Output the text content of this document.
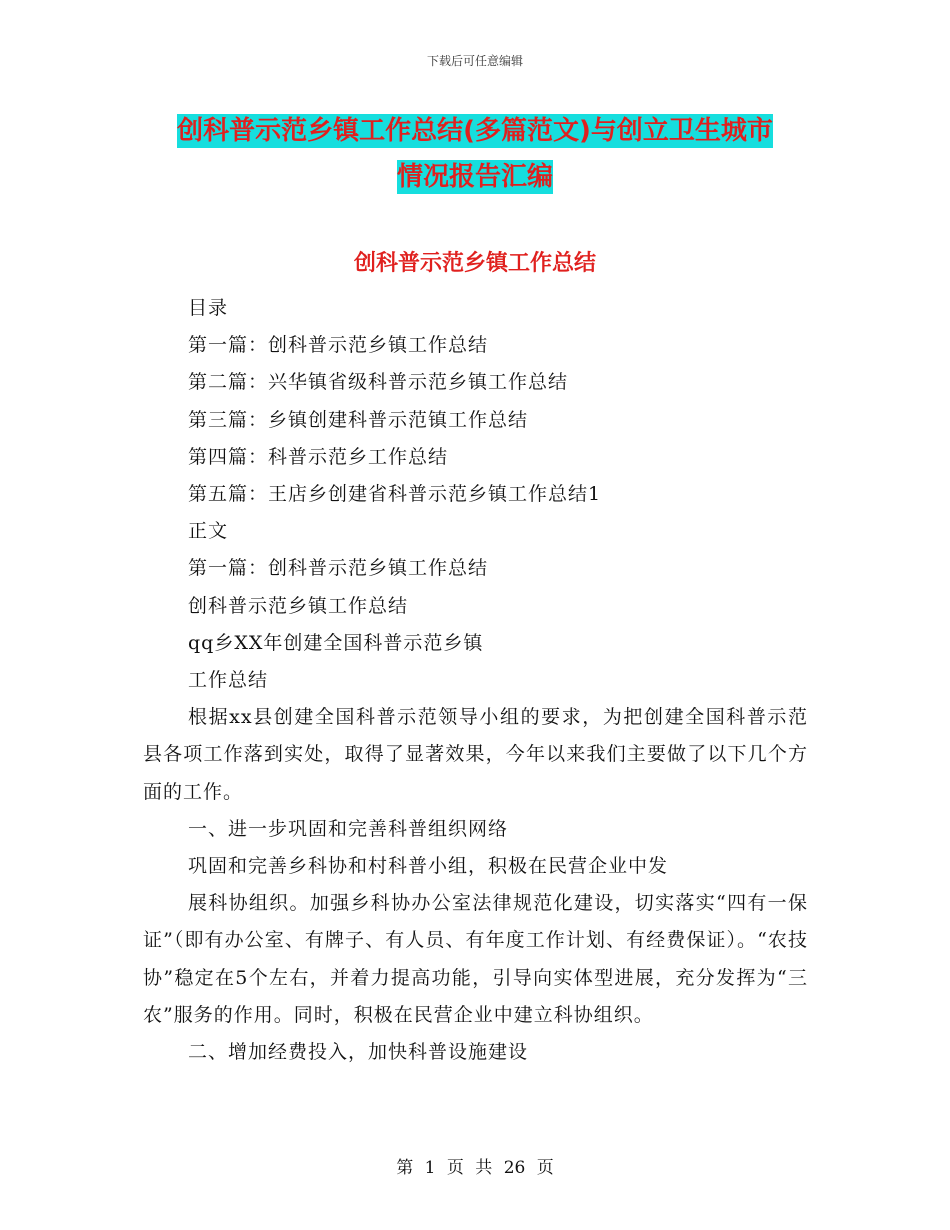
下载后可任意编辑
创科普示范乡镇工作总结(多篇范文)与创立卫生城市
情况报告汇编
创科普示范乡镇工作总结
目录
第一篇：创科普示范乡镇工作总结
第二篇：兴华镇省级科普示范乡镇工作总结
第三篇：乡镇创建科普示范镇工作总结
第四篇：科普示范乡工作总结
第五篇：王店乡创建省科普示范乡镇工作总结1
正文
第一篇：创科普示范乡镇工作总结
创科普示范乡镇工作总结
qq乡XX年创建全国科普示范乡镇
工作总结
根据xx县创建全国科普示范领导小组的要求，为把创建全国科普示范县各项工作落到实处，取得了显著效果，今年以来我们主要做了以下几个方面的工作。
一、进一步巩固和完善科普组织网络
巩固和完善乡科协和村科普小组，积极在民营企业中发
展科协组织。加强乡科协办公室法律规范化建设，切实落实“四有一保证”（即有办公室、有牌子、有人员、有年度工作计划、有经费保证）。“农技协”稳定在5个左右，并着力提高功能，引导向实体型进展，充分发挥为“三农”服务的作用。同时，积极在民营企业中建立科协组织。
二、增加经费投入，加快科普设施建设
第 1 页 共 26 页
